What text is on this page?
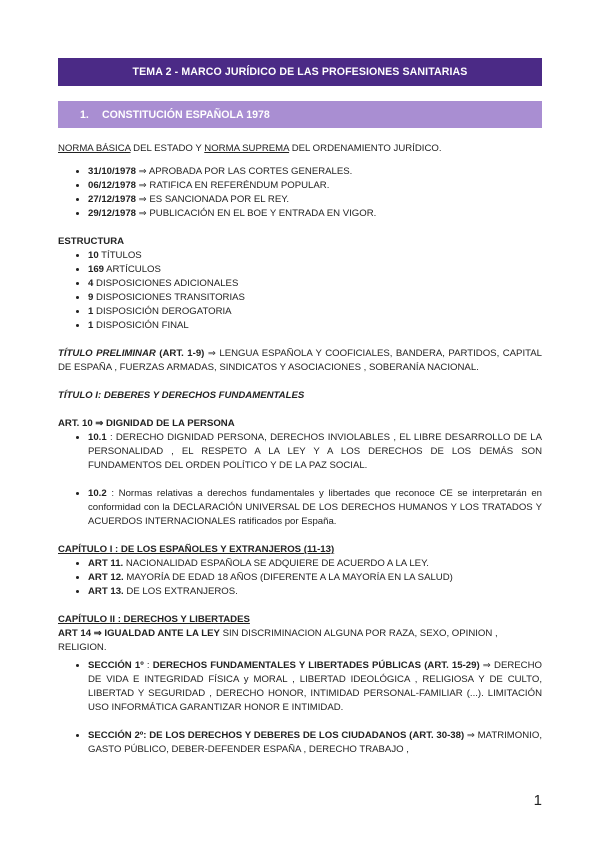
TEMA 2 - MARCO JURÍDICO DE LAS PROFESIONES SANITARIAS
1.	CONSTITUCIÓN ESPAÑOLA 1978

NORMA BÁSICA DEL ESTADO Y NORMA SUPREMA DEL ORDENAMIENTO JURÍDICO.

• 31/10/1978 ⇒ APROBADA POR LAS CORTES GENERALES.
• 06/12/1978 ⇒ RATIFICA EN REFERÉNDUM POPULAR.
• 27/12/1978 ⇒ ES SANCIONADA POR EL REY.
• 29/12/1978 ⇒ PUBLICACIÓN EN EL BOE Y ENTRADA EN VIGOR.

ESTRUCTURA

• 10 TÍTULOS
• 169 ARTÍCULOS
• 4 DISPOSICIONES ADICIONALES
• 9 DISPOSICIONES TRANSITORIAS
• 1 DISPOSICIÓN DEROGATORIA
• 1 DISPOSICIÓN FINAL

TÍTULO PRELIMINAR (ART. 1-9) ⇒ LENGUA ESPAÑOLA Y COOFICIALES, BANDERA, PARTIDOS, CAPITAL DE ESPAÑA , FUERZAS ARMADAS, SINDICATOS Y ASOCIACIONES , SOBERANÍA NACIONAL.

TÍTULO I: DEBERES Y DERECHOS FUNDAMENTALES

ART. 10 ⇒ DIGNIDAD DE LA PERSONA

• 10.1 : DERECHO DIGNIDAD PERSONA, DERECHOS INVIOLABLES , EL LIBRE DESARROLLO DE LA PERSONALIDAD , EL RESPETO A LA LEY Y A LOS DERECHOS DE LOS DEMÁS SON FUNDAMENTOS DEL ORDEN POLÍTICO Y DE LA PAZ SOCIAL.
• 10.2 : Normas relativas a derechos fundamentales y libertades que reconoce CE se interpretarán en conformidad con la DECLARACIÓN UNIVERSAL DE LOS DERECHOS HUMANOS Y LOS TRATADOS Y ACUERDOS INTERNACIONALES ratificados por España.

CAPÍTULO I : DE LOS ESPAÑOLES Y EXTRANJEROS (11-13)

• ART 11. NACIONALIDAD ESPAÑOLA SE ADQUIERE DE ACUERDO A LA LEY.
• ART 12. MAYORÍA DE EDAD 18 AÑOS (DIFERENTE A LA MAYORÍA EN LA SALUD)
• ART 13. DE LOS EXTRANJEROS.

CAPÍTULO II : DERECHOS Y LIBERTADES

ART 14 ⇒ IGUALDAD ANTE LA LEY SIN DISCRIMINACION ALGUNA POR RAZA, SEXO, OPINION , RELIGION.

• SECCIÓN 1º : DERECHOS FUNDAMENTALES Y LIBERTADES PÚBLICAS (ART. 15-29) ⇒ DERECHO DE VIDA E INTEGRIDAD FÍSICA y MORAL , LIBERTAD IDEOLÓGICA , RELIGIOSA Y DE CULTO, LIBERTAD Y SEGURIDAD , DERECHO HONOR, INTIMIDAD PERSONAL-FAMILIAR (...). LIMITACIÓN USO INFORMÁTICA GARANTIZAR HONOR E INTIMIDAD.
• SECCIÓN 2º: DE LOS DERECHOS Y DEBERES DE LOS CIUDADANOS (ART. 30-38) ⇒ MATRIMONIO, GASTO PÚBLICO, DEBER-DEFENDER ESPAÑA , DERECHO TRABAJO ,
1
